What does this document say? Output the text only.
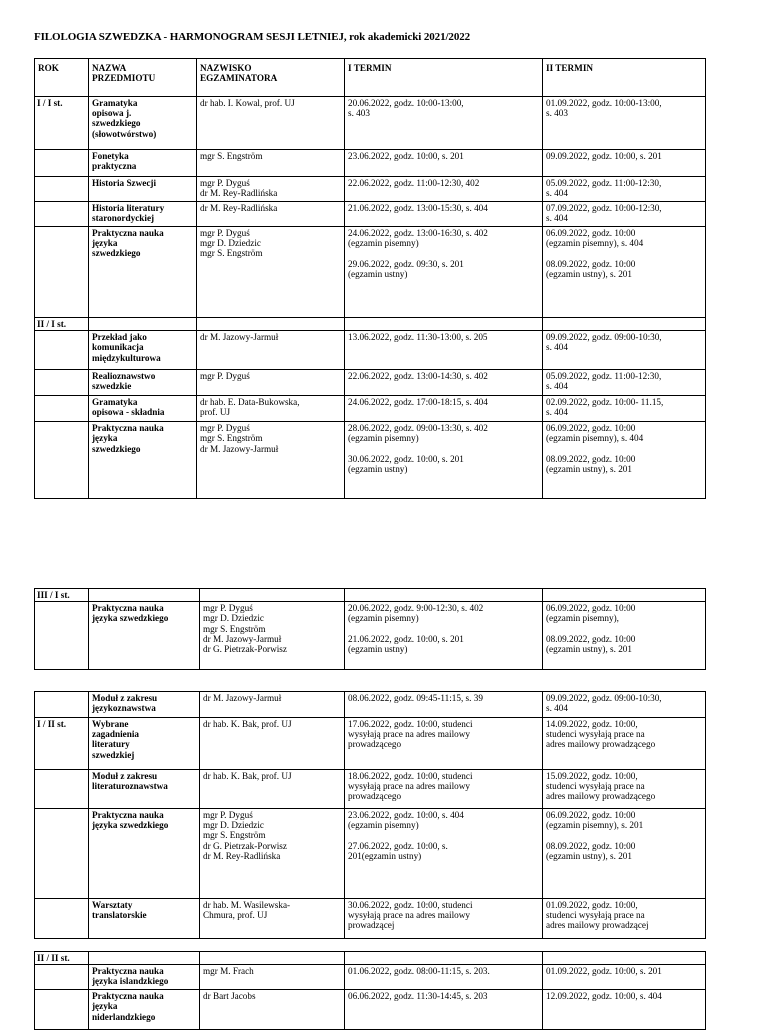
FILOLOGIA SZWEDZKA - HARMONOGRAM SESJI LETNIEJ, rok akademicki 2021/2022
ROK	NAZWA
PRZEDMIOTU	NAZWISKO
EGZAMINATORA	I TERMIN	II TERMIN
I / I st.	Gramatyka
opisowa j.
szwedzkiego
(słowotwórstwo)	dr hab. I. Kowal, prof. UJ	20.06.2022, godz. 10:00-13:00,
s. 403	01.09.2022, godz. 10:00-13:00,
s. 403
	Fonetyka
praktyczna	mgr S. Engström	23.06.2022, godz. 10:00, s. 201	09.09.2022, godz. 10:00, s. 201
	Historia Szwecji	mgr P. Dyguś
dr M. Rey-Radlińska	22.06.2022, godz. 11:00-12:30, 402	05.09.2022, godz. 11:00-12:30,
s. 404
	Historia literatury
staronordyckiej	dr M. Rey-Radlińska	21.06.2022, godz. 13:00-15:30, s. 404	07.09.2022, godz. 10:00-12:30,
s. 404
	Praktyczna nauka
języka
szwedzkiego	mgr P. Dyguś
mgr D. Dziedzic
mgr S. Engström	24.06.2022, godz. 13:00-16:30, s. 402
(egzamin pisemny)

29.06.2022, godz. 09:30, s. 201
(egzamin ustny)	06.09.2022, godz. 10:00
(egzamin pisemny), s. 404

08.09.2022, godz. 10:00
(egzamin ustny), s. 201
II / I st.				
	Przekład jako
komunikacja
międzykulturowa	dr M. Jazowy-Jarmuł	13.06.2022, godz. 11:30-13:00, s. 205	09.09.2022, godz. 09:00-10:30,
s. 404
	Realioznawstwo
szwedzkie	mgr P. Dyguś	22.06.2022, godz. 13:00-14:30, s. 402	05.09.2022, godz. 11:00-12:30,
s. 404
	Gramatyka
opisowa - składnia	dr hab. E. Data-Bukowska,
prof. UJ	24.06.2022, godz. 17:00-18:15, s. 404	02.09.2022, godz. 10:00- 11.15,
s. 404
	Praktyczna nauka
języka
szwedzkiego	mgr P. Dyguś
mgr S. Engström
dr M. Jazowy-Jarmuł	28.06.2022, godz. 09:00-13:30, s. 402
(egzamin pisemny)

30.06.2022, godz. 10:00, s. 201
(egzamin ustny)	06.09.2022, godz. 10:00
(egzamin pisemny), s. 404

08.09.2022, godz. 10:00
(egzamin ustny), s. 201
III / I st.				
	Praktyczna nauka
języka szwedzkiego	mgr P. Dyguś
mgr D. Dziedzic
mgr S. Engström
dr M. Jazowy-Jarmuł
dr G. Pietrzak-Porwisz	20.06.2022, godz. 9:00-12:30, s. 402
(egzamin pisemny)

21.06.2022, godz. 10:00, s. 201
(egzamin ustny)	06.09.2022, godz. 10:00
(egzamin pisemny),

08.09.2022, godz. 10:00
(egzamin ustny), s. 201
	Moduł z zakresu
językoznawstwa	dr M. Jazowy-Jarmuł	08.06.2022, godz. 09:45-11:15, s. 39	09.09.2022, godz. 09:00-10:30,
s. 404
I / II st.	Wybrane
zagadnienia
literatury
szwedzkiej	dr hab. K. Bak, prof. UJ	17.06.2022, godz. 10:00, studenci
wysyłają prace na adres mailowy
prowadzącego	14.09.2022, godz. 10:00,
studenci wysyłają prace na
adres mailowy prowadzącego
	Moduł z zakresu
literaturoznawstwa	dr hab. K. Bak, prof. UJ	18.06.2022, godz. 10:00, studenci
wysyłają prace na adres mailowy
prowadzącego	15.09.2022, godz. 10:00,
studenci wysyłają prace na
adres mailowy prowadzącego
	Praktyczna nauka
języka szwedzkiego	mgr P. Dyguś
mgr D. Dziedzic
mgr S. Engström
dr G. Pietrzak-Porwisz
dr M. Rey-Radlińska	23.06.2022, godz. 10:00, s. 404
(egzamin pisemny)

27.06.2022, godz. 10:00, s.
201(egzamin ustny)	06.09.2022, godz. 10:00
(egzamin pisemny), s. 201

08.09.2022, godz. 10:00
(egzamin ustny), s. 201
	Warsztaty
translatorskie	dr hab. M. Wasilewska-
Chmura, prof. UJ	30.06.2022, godz. 10:00, studenci
wysyłają prace na adres mailowy
prowadzącej	01.09.2022, godz. 10:00,
studenci wysyłają prace na
adres mailowy prowadzącej
II / II st.				
	Praktyczna nauka
języka islandzkiego	mgr M. Frach	01.06.2022, godz. 08:00-11:15, s. 203.	01.09.2022, godz. 10:00, s. 201
	Praktyczna nauka
języka
niderlandzkiego	dr Bart Jacobs	06.06.2022, godz. 11:30-14:45, s. 203	12.09.2022, godz. 10:00, s. 404
